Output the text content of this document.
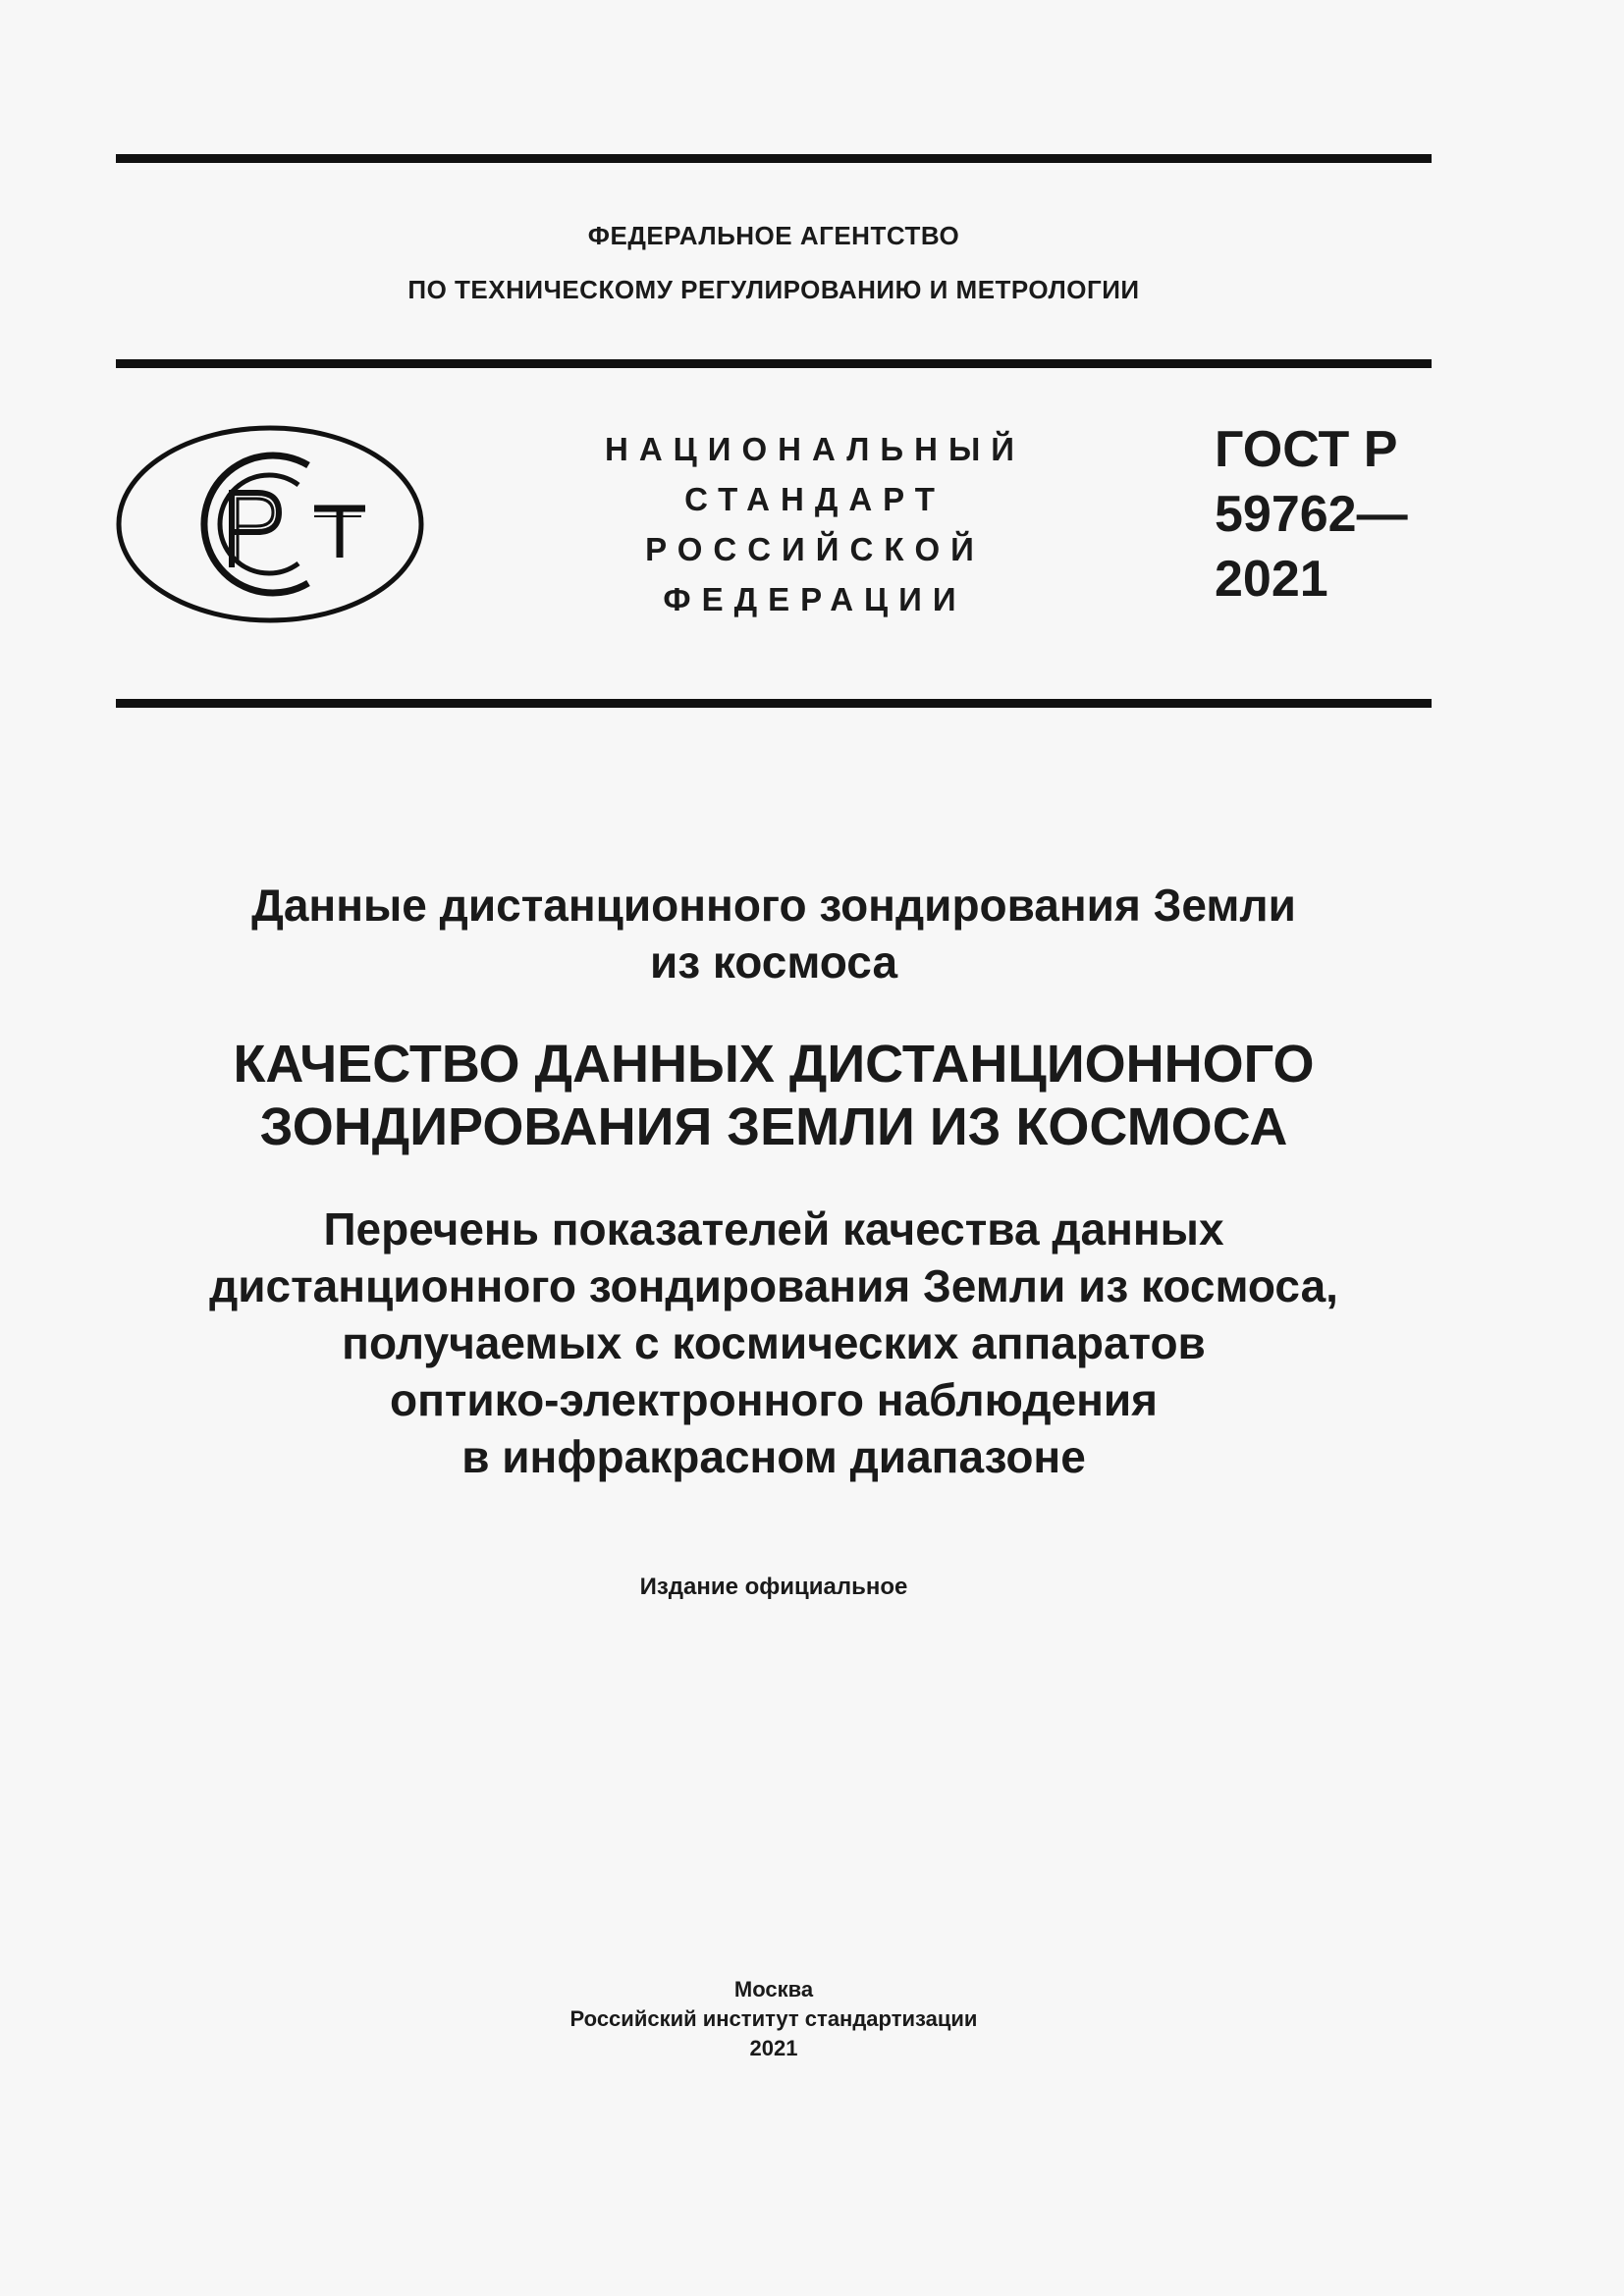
ФЕДЕРАЛЬНОЕ АГЕНТСТВО
ПО ТЕХНИЧЕСКОМУ РЕГУЛИРОВАНИЮ И МЕТРОЛОГИИ
НАЦИОНАЛЬНЫЙ
СТАНДАРТ
РОССИЙСКОЙ
ФЕДЕРАЦИИ
ГОСТ Р
59762—
2021
Данные дистанционного зондирования Земли
из космоса
КАЧЕСТВО ДАННЫХ ДИСТАНЦИОННОГО
ЗОНДИРОВАНИЯ ЗЕМЛИ ИЗ КОСМОСА
Перечень показателей качества данных
дистанционного зондирования Земли из космоса,
получаемых с космических аппаратов
оптико-электронного наблюдения
в инфракрасном диапазоне
Издание официальное
Москва
Российский институт стандартизации
2021
